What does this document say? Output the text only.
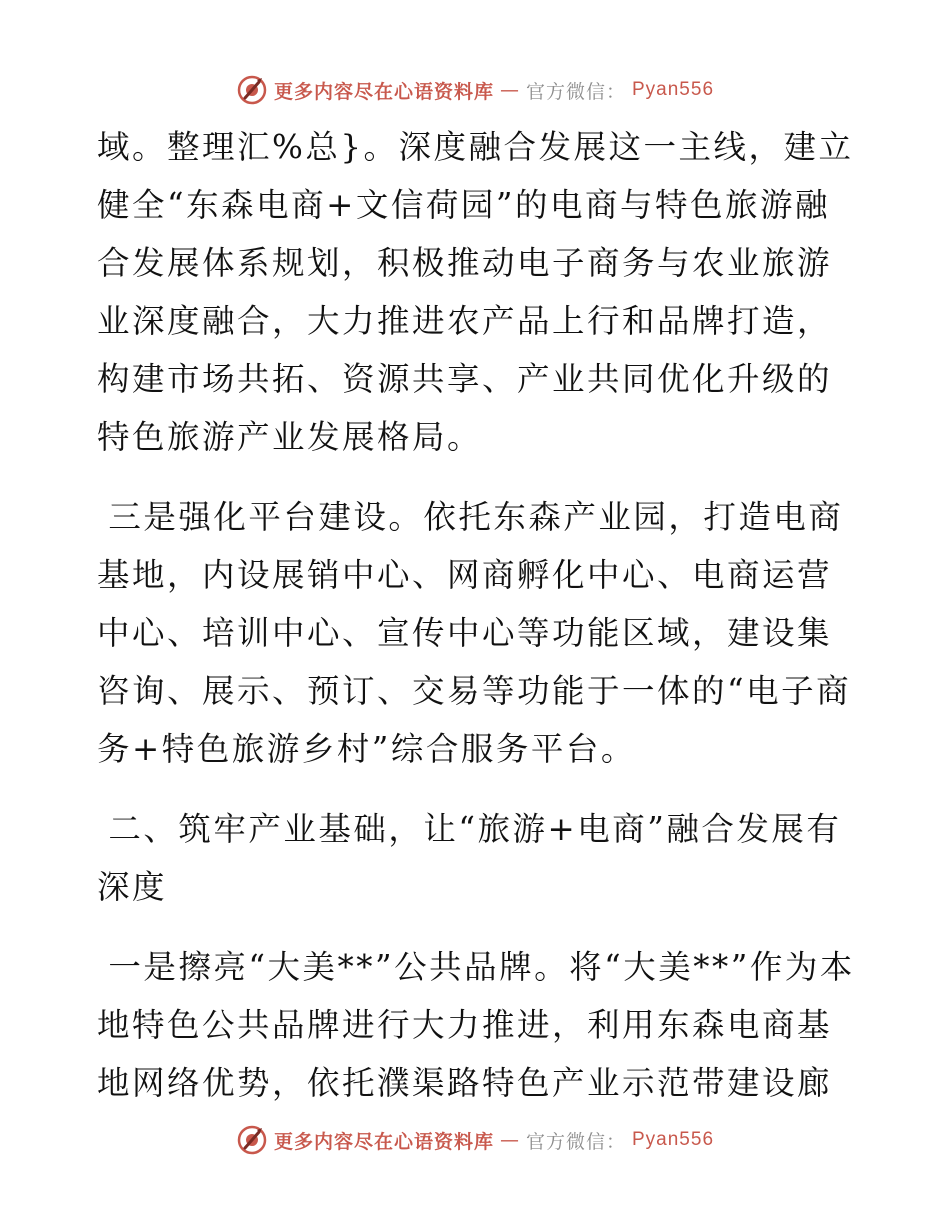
更多内容尽在心语资料库 — 官方微信： Pyan556

域。整理汇%总}。深度融合发展这一主线，建立健全“东森电商+文信荷园”的电商与特色旅游融合发展体系规划，积极推动电子商务与农业旅游业深度融合，大力推进农产品上行和品牌打造，构建市场共拓、资源共享、产业共同优化升级的特色旅游产业发展格局。

三是强化平台建设。依托东森产业园，打造电商基地，内设展销中心、网商孵化中心、电商运营中心、培训中心、宣传中心等功能区域，建设集咨询、展示、预订、交易等功能于一体的“电子商务+特色旅游乡村”综合服务平台。

二、筑牢产业基础，让“旅游+电商”融合发展有深度

一是擦亮“大美**”公共品牌。将“大美**”作为本地特色公共品牌进行大力推进，利用东森电商基地网络优势，依托濮渠路特色产业示范带建设廊

更多内容尽在心语资料库 — 官方微信： Pyan556
